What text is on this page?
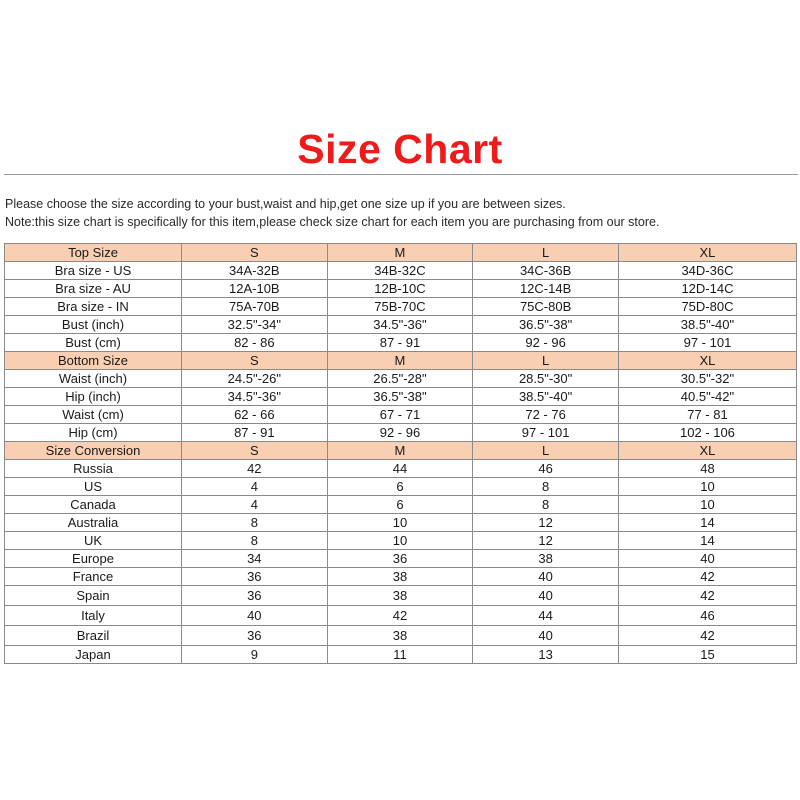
Size Chart
Please choose the size according to your bust,waist and hip,get one size up if you are between sizes.
Note:this size chart is specifically for this item,please check size chart for each item you are purchasing from our store.
Top Size	S	M	L	XL
Bra size - US	34A-32B	34B-32C	34C-36B	34D-36C
Bra size - AU	12A-10B	12B-10C	12C-14B	12D-14C
Bra size - IN	75A-70B	75B-70C	75C-80B	75D-80C
Bust (inch)	32.5"-34"	34.5"-36"	36.5"-38"	38.5"-40"
Bust (cm)	82 - 86	87 - 91	92 - 96	97 - 101
Bottom Size	S	M	L	XL
Waist (inch)	24.5"-26"	26.5"-28"	28.5"-30"	30.5"-32"
Hip (inch)	34.5"-36"	36.5"-38"	38.5"-40"	40.5"-42"
Waist (cm)	62 - 66	67 - 71	72 - 76	77 - 81
Hip (cm)	87 - 91	92 - 96	97 - 101	102 - 106
Size Conversion	S	M	L	XL
Russia	42	44	46	48
US	4	6	8	10
Canada	4	6	8	10
Australia	8	10	12	14
UK	8	10	12	14
Europe	34	36	38	40
France	36	38	40	42
Spain	36	38	40	42
Italy	40	42	44	46
Brazil	36	38	40	42
Japan	9	11	13	15
